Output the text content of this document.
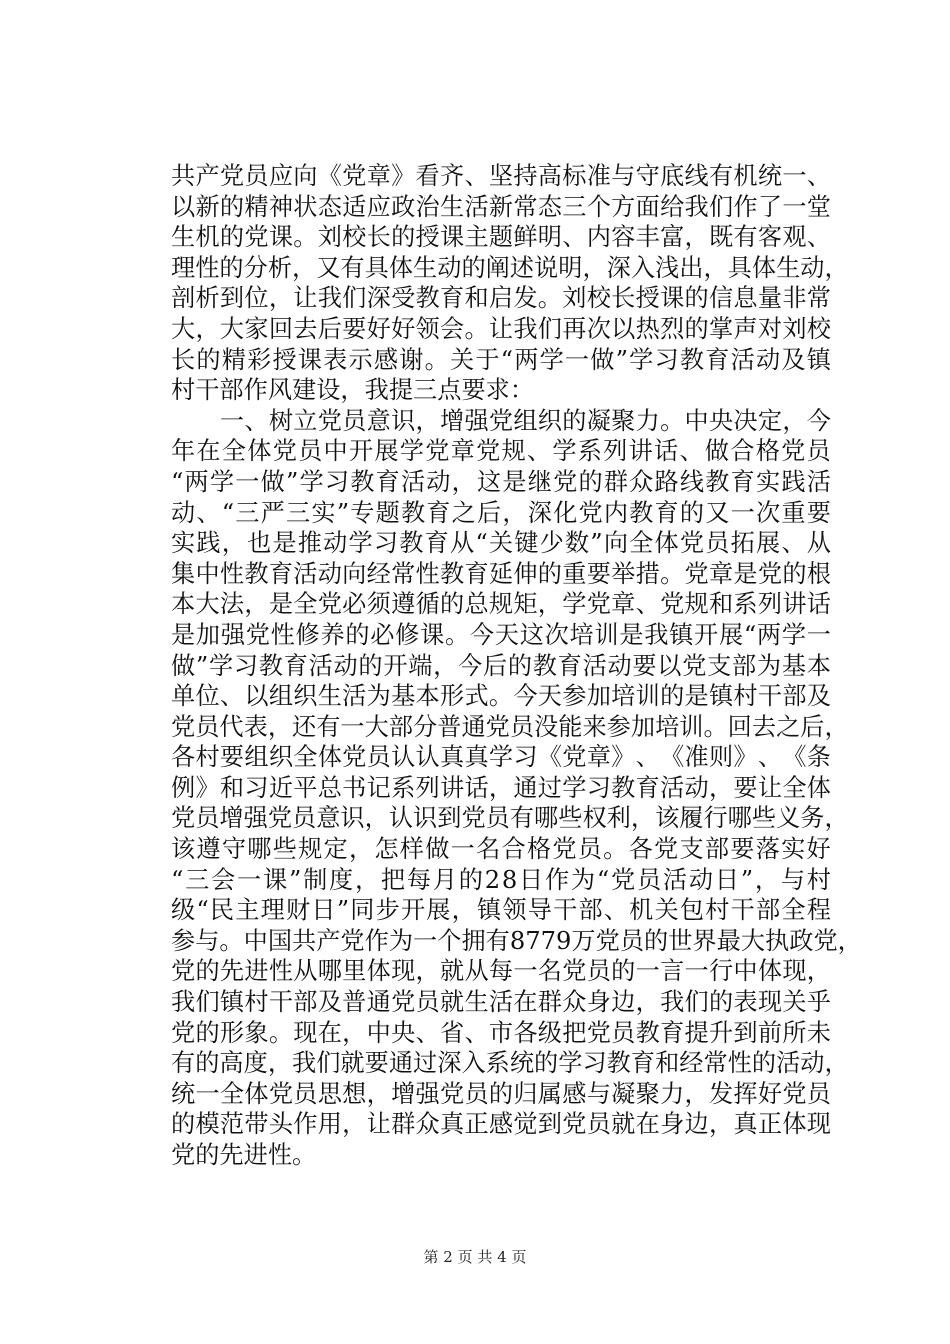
共 产 党 员 应 向 《 党 章 》 看 齐 、 坚 持 高 标 准 与 守 底 线 有 机 统 一 、
以 新 的 精 神 状 态 适 应 政 治 生 活 新 常 态 三 个 方 面 给 我 们 作 了 一 堂
生 机 的 党 课 。 刘 校 长 的 授 课 主 题 鲜 明 、 内 容 丰 富 ， 既 有 客 观 、
理 性 的 分 析 ， 又 有 具 体 生 动 的 阐 述 说 明 ， 深 入 浅 出 ， 具 体 生 动 ，
剖 析 到 位 ， 让 我 们 深 受 教 育 和 启 发 。 刘 校 长 授 课 的 信 息 量 非 常
大 ， 大 家 回 去 后 要 好 好 领 会 。 让 我 们 再 次 以 热 烈 的 掌 声 对 刘 校
长 的 精 彩 授 课 表 示 感 谢 。 关 于 “ 两 学 一 做 ” 学 习 教 育 活 动 及 镇
村 干 部 作 风 建 设 ， 我 提 三 点 要 求 ：

一 、 树 立 党 员 意 识 ， 增 强 党 组 织 的 凝 聚 力 。 中 央 决 定 ， 今
年 在 全 体 党 员 中 开 展 学 党 章 党 规 、 学 系 列 讲 话 、 做 合 格 党 员
“ 两 学 一 做 ” 学 习 教 育 活 动 ， 这 是 继 党 的 群 众 路 线 教 育 实 践 活
动 、 “ 三 严 三 实 ” 专 题 教 育 之 后 ， 深 化 党 内 教 育 的 又 一 次 重 要
实 践 ， 也 是 推 动 学 习 教 育 从 “ 关 键 少 数 ” 向 全 体 党 员 拓 展 、 从
集 中 性 教 育 活 动 向 经 常 性 教 育 延 伸 的 重 要 举 措 。 党 章 是 党 的 根
本 大 法 ， 是 全 党 必 须 遵 循 的 总 规 矩 ， 学 党 章 、 党 规 和 系 列 讲 话
是 加 强 党 性 修 养 的 必 修 课 。 今 天 这 次 培 训 是 我 镇 开 展 “ 两 学 一
做 ” 学 习 教 育 活 动 的 开 端 ， 今 后 的 教 育 活 动 要 以 党 支 部 为 基 本
单 位 、 以 组 织 生 活 为 基 本 形 式 。 今 天 参 加 培 训 的 是 镇 村 干 部 及
党 员 代 表 ， 还 有 一 大 部 分 普 通 党 员 没 能 来 参 加 培 训 。 回 去 之 后 ，
各 村 要 组 织 全 体 党 员 认 认 真 真 学 习 《 党 章 》 、 《 准 则 》 、 《 条
例 》 和 习 近 平 总 书 记 系 列 讲 话 ， 通 过 学 习 教 育 活 动 ， 要 让 全 体
党 员 增 强 党 员 意 识 ， 认 识 到 党 员 有 哪 些 权 利 ， 该 履 行 哪 些 义 务 ，
该 遵 守 哪 些 规 定 ， 怎 样 做 一 名 合 格 党 员 。 各 党 支 部 要 落 实 好
“ 三 会 一 课 ” 制 度 ， 把 每 月 的 2 8 日 作 为 “ 党 员 活 动 日 ” ， 与 村
级 “ 民 主 理 财 日 ” 同 步 开 展 ， 镇 领 导 干 部 、 机 关 包 村 干 部 全 程
参 与 。 中 国 共 产 党 作 为 一 个 拥 有 8 7 7 9 万 党 员 的 世 界 最 大 执 政 党 ，
党 的 先 进 性 从 哪 里 体 现 ， 就 从 每 一 名 党 员 的 一 言 一 行 中 体 现 ，
我 们 镇 村 干 部 及 普 通 党 员 就 生 活 在 群 众 身 边 ， 我 们 的 表 现 关 乎
党 的 形 象 。 现 在 ， 中 央 、 省 、 市 各 级 把 党 员 教 育 提 升 到 前 所 未
有 的 高 度 ， 我 们 就 要 通 过 深 入 系 统 的 学 习 教 育 和 经 常 性 的 活 动 ，
统 一 全 体 党 员 思 想 ， 增 强 党 员 的 归 属 感 与 凝 聚 力 ， 发 挥 好 党 员
的 模 范 带 头 作 用 ， 让 群 众 真 正 感 觉 到 党 员 就 在 身 边 ， 真 正 体 现
党 的 先 进 性 。
第 2 页 共 4 页
